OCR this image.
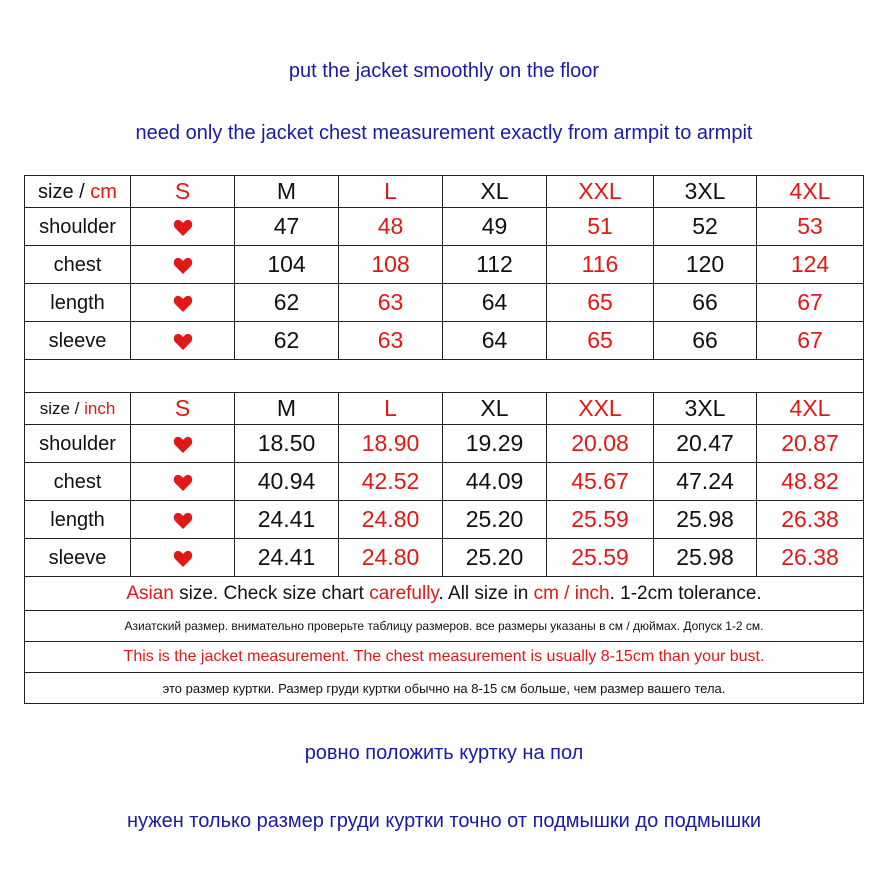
put the jacket smoothly on the floor
need only the jacket chest measurement exactly from armpit to armpit
size / cm	S	M	L	XL	XXL	3XL	4XL
shoulder		47	48	49	51	52	53
chest		104	108	112	116	120	124
length		62	63	64	65	66	67
sleeve		62	63	64	65	66	67

size / inch	S	M	L	XL	XXL	3XL	4XL
shoulder		18.50	18.90	19.29	20.08	20.47	20.87
chest		40.94	42.52	44.09	45.67	47.24	48.82
length		24.41	24.80	25.20	25.59	25.98	26.38
sleeve		24.41	24.80	25.20	25.59	25.98	26.38
Asian size. Check size chart carefully. All size in cm / inch. 1-2cm tolerance.							
Азиатский размер. внимательно проверьте таблицу размеров. все размеры указаны в см / дюймах. Допуск 1-2 см.							
This is the jacket measurement. The chest measurement is usually 8-15cm than your bust.							
это размер куртки. Размер груди куртки обычно на 8-15 см больше, чем размер вашего тела.							
ровно положить куртку на пол
нужен только размер груди куртки точно от подмышки до подмышки
